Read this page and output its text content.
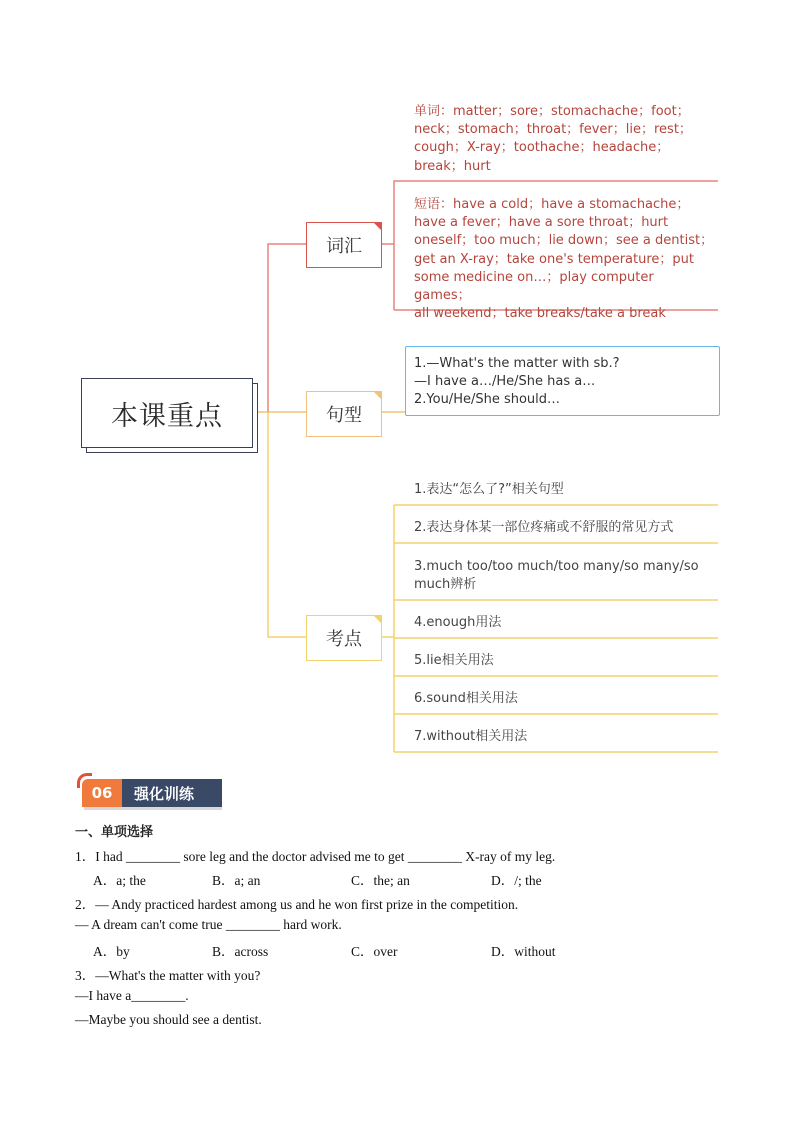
本课重点
词汇
句型
考点
单词：matter；sore；stomachache；foot；
neck；stomach；throat；fever；lie；rest；
cough；X-ray；toothache；headache；
break；hurt
短语：have a cold；have a stomachache；
have a fever；have a sore throat；hurt
oneself；too much；lie down；see a dentist；
get an X-ray；take one's temperature；put
some medicine on…；play computer games；
all weekend；take breaks/take a break
1.—What's the matter with sb.?
—I have a…/He/She has a…
2.You/He/She should…
1.表达“怎么了?”相关句型
2.表达身体某一部位疼痛或不舒服的常见方式
3.much too/too much/too many/so many/so
much辨析
4.enough用法
5.lie相关用法
6.sound相关用法
7.without相关用法
06	强化训练
一、单项选择
1．I had ________ sore leg and the doctor advised me to get ________ X-ray of my leg.
A．a; the	B．a; an	C．the; an	D．/; the
2．— Andy practiced hardest among us and he won first prize in the competition.
— A dream can't come true ________ hard work.
A．by	B．across	C．over	D．without
3．—What's the matter with you?
—I have a________.
—Maybe you should see a dentist.
